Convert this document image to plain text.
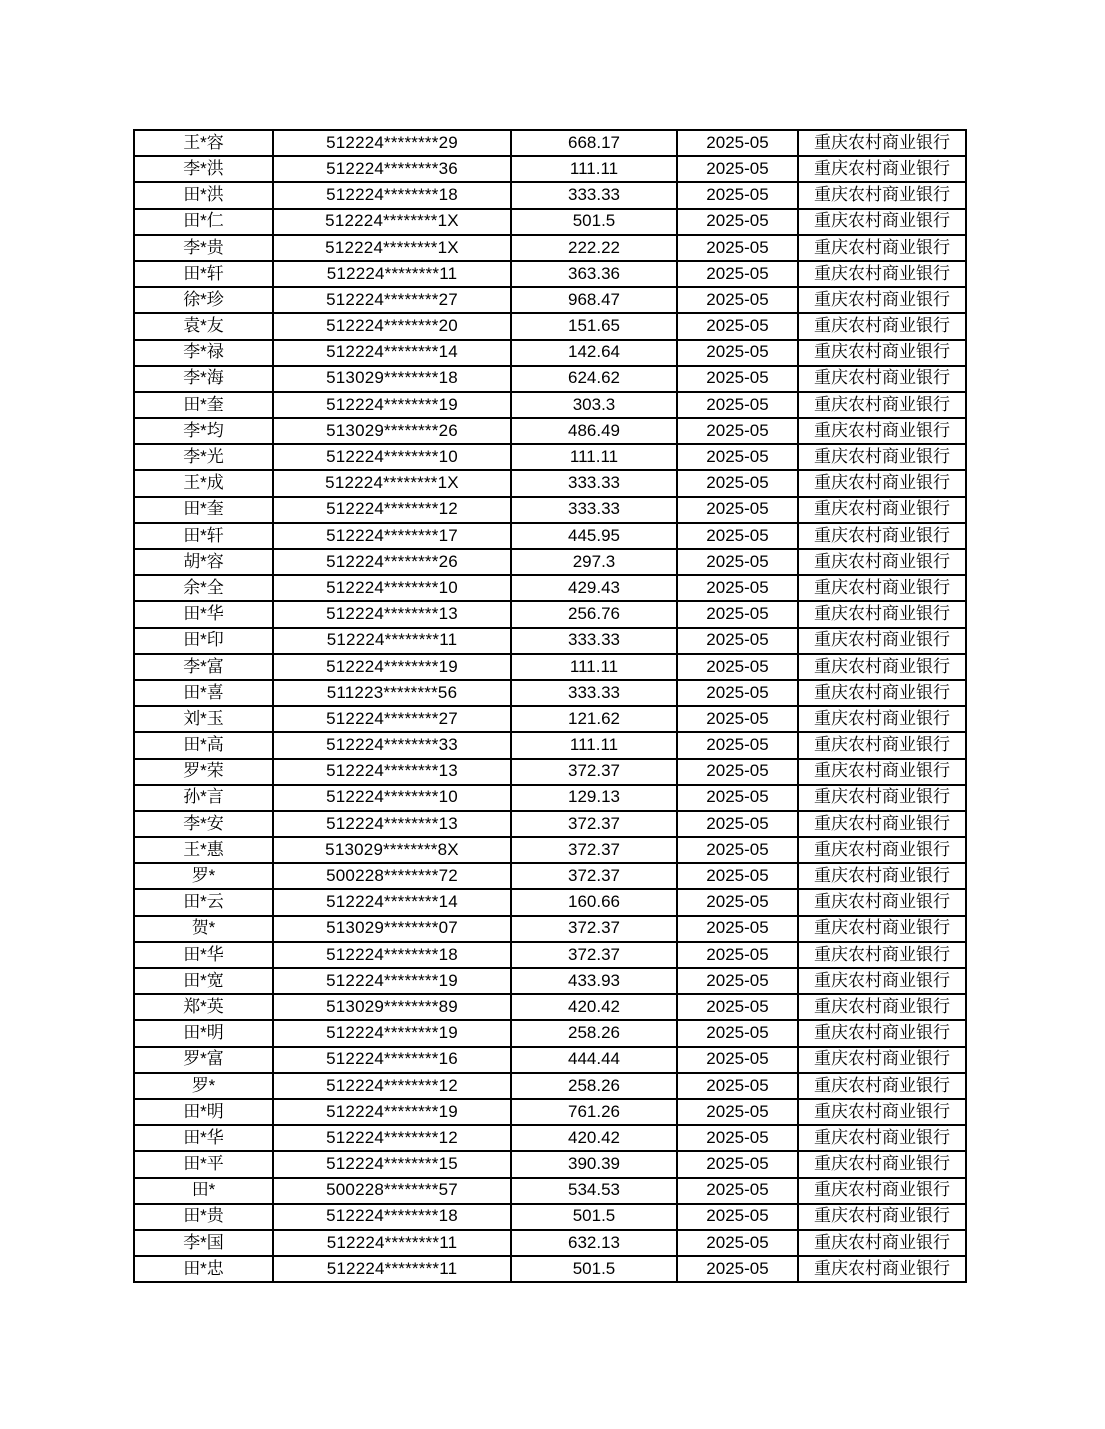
王*容	512224********29	668.17	2025-05	重庆农村商业银行
李*洪	512224********36	111.11	2025-05	重庆农村商业银行
田*洪	512224********18	333.33	2025-05	重庆农村商业银行
田*仁	512224********1X	501.5	2025-05	重庆农村商业银行
李*贵	512224********1X	222.22	2025-05	重庆农村商业银行
田*轩	512224********11	363.36	2025-05	重庆农村商业银行
徐*珍	512224********27	968.47	2025-05	重庆农村商业银行
袁*友	512224********20	151.65	2025-05	重庆农村商业银行
李*禄	512224********14	142.64	2025-05	重庆农村商业银行
李*海	513029********18	624.62	2025-05	重庆农村商业银行
田*奎	512224********19	303.3	2025-05	重庆农村商业银行
李*均	513029********26	486.49	2025-05	重庆农村商业银行
李*光	512224********10	111.11	2025-05	重庆农村商业银行
王*成	512224********1X	333.33	2025-05	重庆农村商业银行
田*奎	512224********12	333.33	2025-05	重庆农村商业银行
田*轩	512224********17	445.95	2025-05	重庆农村商业银行
胡*容	512224********26	297.3	2025-05	重庆农村商业银行
余*全	512224********10	429.43	2025-05	重庆农村商业银行
田*华	512224********13	256.76	2025-05	重庆农村商业银行
田*印	512224********11	333.33	2025-05	重庆农村商业银行
李*富	512224********19	111.11	2025-05	重庆农村商业银行
田*喜	511223********56	333.33	2025-05	重庆农村商业银行
刘*玉	512224********27	121.62	2025-05	重庆农村商业银行
田*高	512224********33	111.11	2025-05	重庆农村商业银行
罗*荣	512224********13	372.37	2025-05	重庆农村商业银行
孙*言	512224********10	129.13	2025-05	重庆农村商业银行
李*安	512224********13	372.37	2025-05	重庆农村商业银行
王*惠	513029********8X	372.37	2025-05	重庆农村商业银行
罗*	500228********72	372.37	2025-05	重庆农村商业银行
田*云	512224********14	160.66	2025-05	重庆农村商业银行
贺*	513029********07	372.37	2025-05	重庆农村商业银行
田*华	512224********18	372.37	2025-05	重庆农村商业银行
田*宽	512224********19	433.93	2025-05	重庆农村商业银行
郑*英	513029********89	420.42	2025-05	重庆农村商业银行
田*明	512224********19	258.26	2025-05	重庆农村商业银行
罗*富	512224********16	444.44	2025-05	重庆农村商业银行
罗*	512224********12	258.26	2025-05	重庆农村商业银行
田*明	512224********19	761.26	2025-05	重庆农村商业银行
田*华	512224********12	420.42	2025-05	重庆农村商业银行
田*平	512224********15	390.39	2025-05	重庆农村商业银行
田*	500228********57	534.53	2025-05	重庆农村商业银行
田*贵	512224********18	501.5	2025-05	重庆农村商业银行
李*国	512224********11	632.13	2025-05	重庆农村商业银行
田*忠	512224********11	501.5	2025-05	重庆农村商业银行
